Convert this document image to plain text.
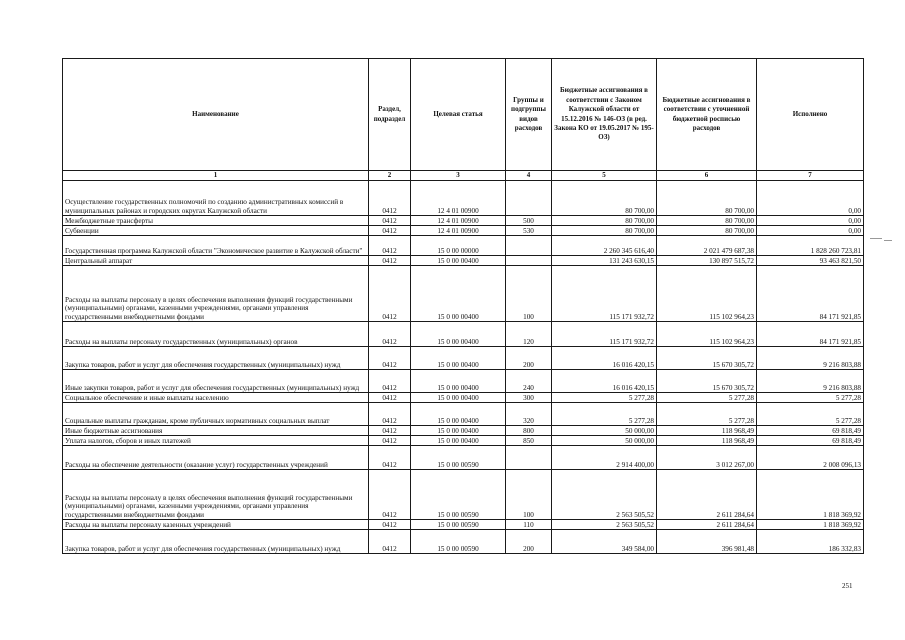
Наименование	Раздел, подраздел	Целевая статья	Группы и подгруппы видов расходов	Бюджетные ассигнования в соответствии с Законом Калужской области от 15.12.2016 № 146-ОЗ (в ред. Закона КО от 19.05.2017 № 195-ОЗ)	Бюджетные ассигнования в соответствии с уточненной бюджетной росписью расходов	Исполнено
1	2	3	4	5	6	7
Осуществление государственных полномочий по созданию административных комиссий в муниципальных районах и городских округах Калужской области	0412	12 4 01 00900		80 700,00	80 700,00	0,00
Межбюджетные трансферты	0412	12 4 01 00900	500	80 700,00	80 700,00	0,00
Субвенции	0412	12 4 01 00900	530	80 700,00	80 700,00	0,00
Государственная программа Калужской области "Экономическое развитие в Калужской области"	0412	15 0 00 00000		2 260 345 616,40	2 021 479 687,38	1 828 260 723,81
Центральный аппарат	0412	15 0 00 00400		131 243 630,15	130 897 515,72	93 463 821,50
Расходы на выплаты персоналу в целях обеспечения выполнения функций государственными (муниципальными) органами, казенными учреждениями, органами управления государственными внебюджетными фондами	0412	15 0 00 00400	100	115 171 932,72	115 102 964,23	84 171 921,85
Расходы на выплаты персоналу государственных (муниципальных) органов	0412	15 0 00 00400	120	115 171 932,72	115 102 964,23	84 171 921,85
Закупка товаров, работ и услуг для обеспечения государственных (муниципальных) нужд	0412	15 0 00 00400	200	16 016 420,15	15 670 305,72	9 216 803,88
Иные закупки товаров, работ и услуг для обеспечения государственных (муниципальных) нужд	0412	15 0 00 00400	240	16 016 420,15	15 670 305,72	9 216 803,88
Социальное обеспечение и иные выплаты населению	0412	15 0 00 00400	300	5 277,28	5 277,28	5 277,28
Социальные выплаты гражданам, кроме публичных нормативных социальных выплат	0412	15 0 00 00400	320	5 277,28	5 277,28	5 277,28
Иные бюджетные ассигнования	0412	15 0 00 00400	800	50 000,00	118 968,49	69 818,49
Уплата налогов, сборов и иных платежей	0412	15 0 00 00400	850	50 000,00	118 968,49	69 818,49
Расходы на обеспечение деятельности (оказание услуг) государственных учреждений	0412	15 0 00 00590		2 914 400,00	3 012 267,00	2 008 096,13
Расходы на выплаты персоналу в целях обеспечения выполнения функций государственными (муниципальными) органами, казенными учреждениями, органами управления государственными внебюджетными фондами	0412	15 0 00 00590	100	2 563 505,52	2 611 284,64	1 818 369,92
Расходы на выплаты персоналу казенных учреждений	0412	15 0 00 00590	110	2 563 505,52	2 611 284,64	1 818 369,92
Закупка товаров, работ и услуг для обеспечения государственных (муниципальных) нужд	0412	15 0 00 00590	200	349 584,00	396 981,48	186 332,83
251
